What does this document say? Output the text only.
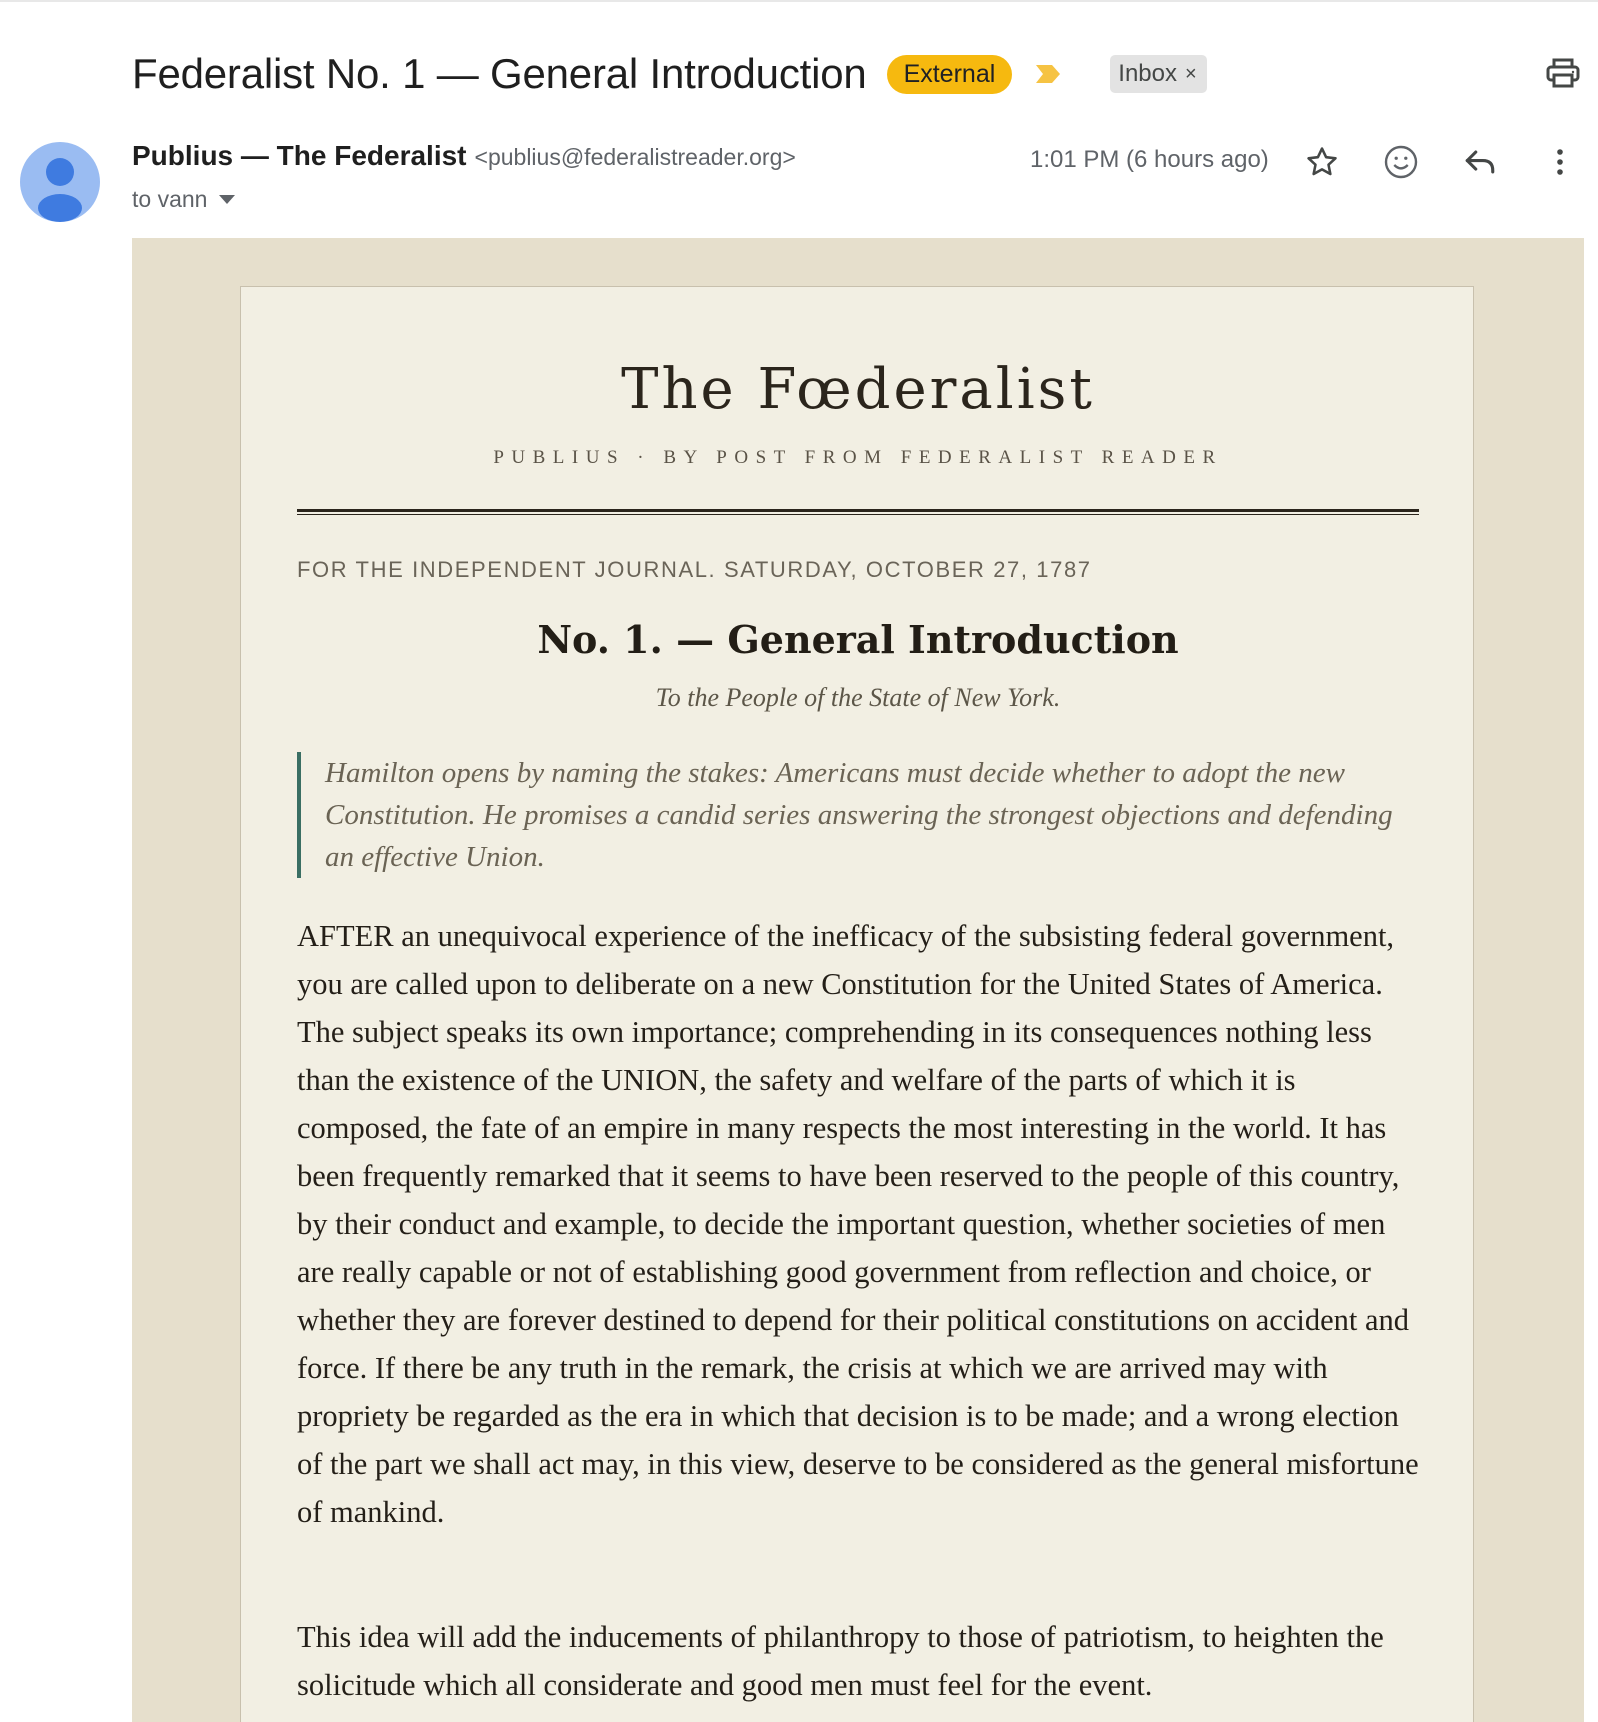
Federalist No. 1 — General Introduction	External	Inbox ×
Publius — The Federalist <publius@federalistreader.org>
to vann
1:01 PM (6 hours ago)
The Fœderalist
PUBLIUS · BY POST FROM FEDERALIST READER
FOR THE INDEPENDENT JOURNAL. SATURDAY, OCTOBER 27, 1787
No. 1. — General Introduction
To the People of the State of New York.
Hamilton opens by naming the stakes: Americans must decide whether to adopt the new Constitution. He promises a candid series answering the strongest objections and defending an effective Union.
AFTER an unequivocal experience of the inefficacy of the subsisting federal government, you are called upon to deliberate on a new Constitution for the United States of America. The subject speaks its own importance; comprehending in its consequences nothing less than the existence of the UNION, the safety and welfare of the parts of which it is composed, the fate of an empire in many respects the most interesting in the world. It has been frequently remarked that it seems to have been reserved to the people of this country, by their conduct and example, to decide the important question, whether societies of men are really capable or not of establishing good government from reflection and choice, or whether they are forever destined to depend for their political constitutions on accident and force. If there be any truth in the remark, the crisis at which we are arrived may with propriety be regarded as the era in which that decision is to be made; and a wrong election of the part we shall act may, in this view, deserve to be considered as the general misfortune of mankind.
This idea will add the inducements of philanthropy to those of patriotism, to heighten the solicitude which all considerate and good men must feel for the event.
